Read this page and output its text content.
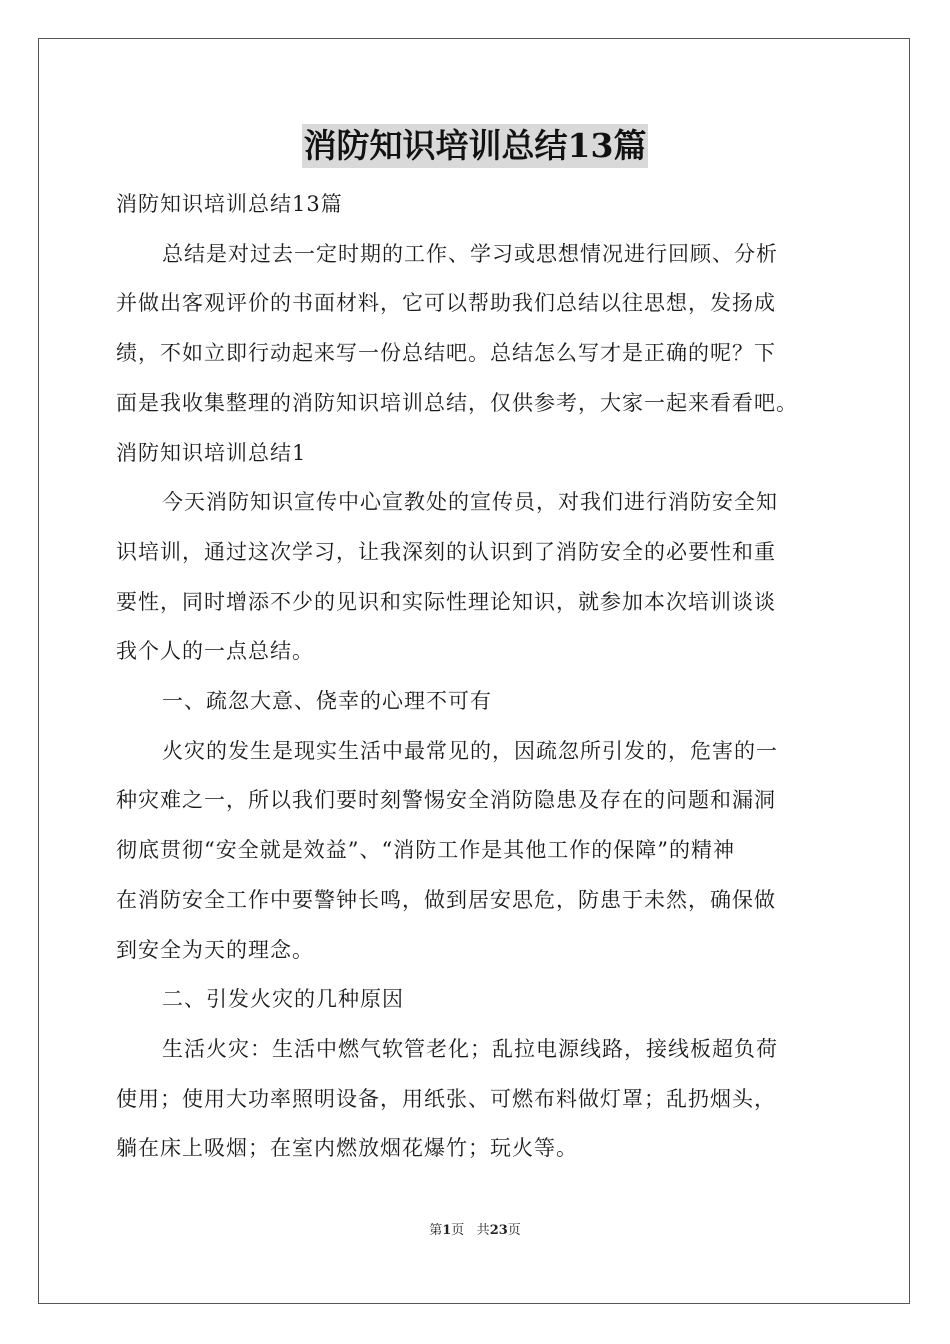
消防知识培训总结13篇
消防知识培训总结13篇
总结是对过去一定时期的工作、学习或思想情况进行回顾、分析
并做出客观评价的书面材料，它可以帮助我们总结以往思想，发扬成
绩，不如立即行动起来写一份总结吧。总结怎么写才是正确的呢？下
面是我收集整理的消防知识培训总结，仅供参考，大家一起来看看吧。
消防知识培训总结1
今天消防知识宣传中心宣教处的宣传员，对我们进行消防安全知
识培训，通过这次学习，让我深刻的认识到了消防安全的必要性和重
要性，同时增添不少的见识和实际性理论知识，就参加本次培训谈谈
我个人的一点总结。
一、疏忽大意、侥幸的心理不可有
火灾的发生是现实生活中最常见的，因疏忽所引发的，危害的一
种灾难之一，所以我们要时刻警惕安全消防隐患及存在的问题和漏洞
彻底贯彻“安全就是效益”、“消防工作是其他工作的保障”的精神
在消防安全工作中要警钟长鸣，做到居安思危，防患于未然，确保做
到安全为天的理念。
二、引发火灾的几种原因
生活火灾：生活中燃气软管老化；乱拉电源线路，接线板超负荷
使用；使用大功率照明设备，用纸张、可燃布料做灯罩；乱扔烟头，
躺在床上吸烟；在室内燃放烟花爆竹；玩火等。
第1页 共23页
